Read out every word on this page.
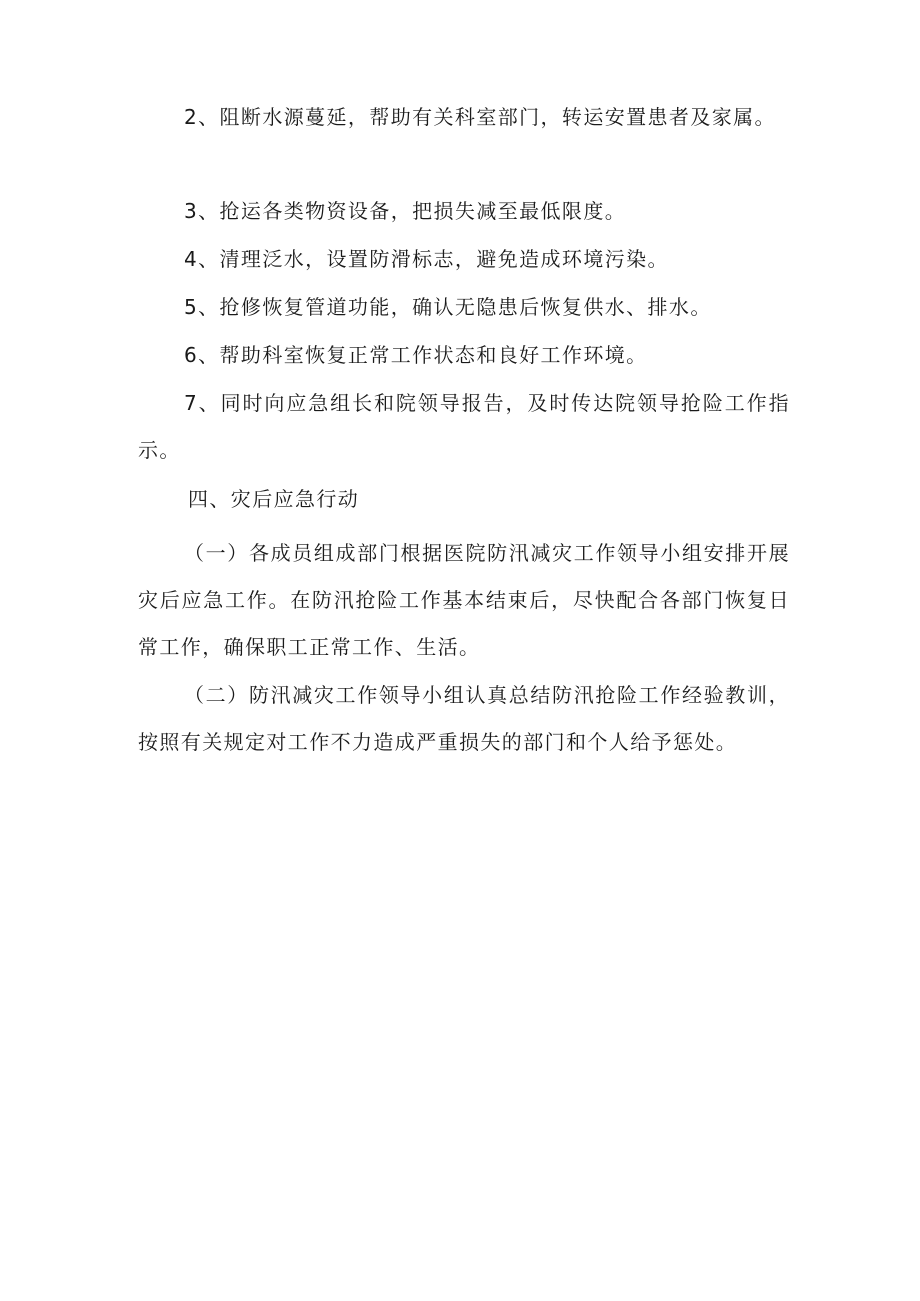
2、阻断水源蔓延，帮助有关科室部门，转运安置患者及家属。

3、抢运各类物资设备，把损失减至最低限度。

4、清理泛水，设置防滑标志，避免造成环境污染。

5、抢修恢复管道功能，确认无隐患后恢复供水、排水。

6、帮助科室恢复正常工作状态和良好工作环境。

7、同时向应急组长和院领导报告，及时传达院领导抢险工作指示。

四、灾后应急行动

（一）各成员组成部门根据医院防汛减灾工作领导小组安排开展灾后应急工作。在防汛抢险工作基本结束后，尽快配合各部门恢复日常工作，确保职工正常工作、生活。

（二）防汛减灾工作领导小组认真总结防汛抢险工作经验教训，按照有关规定对工作不力造成严重损失的部门和个人给予惩处。
